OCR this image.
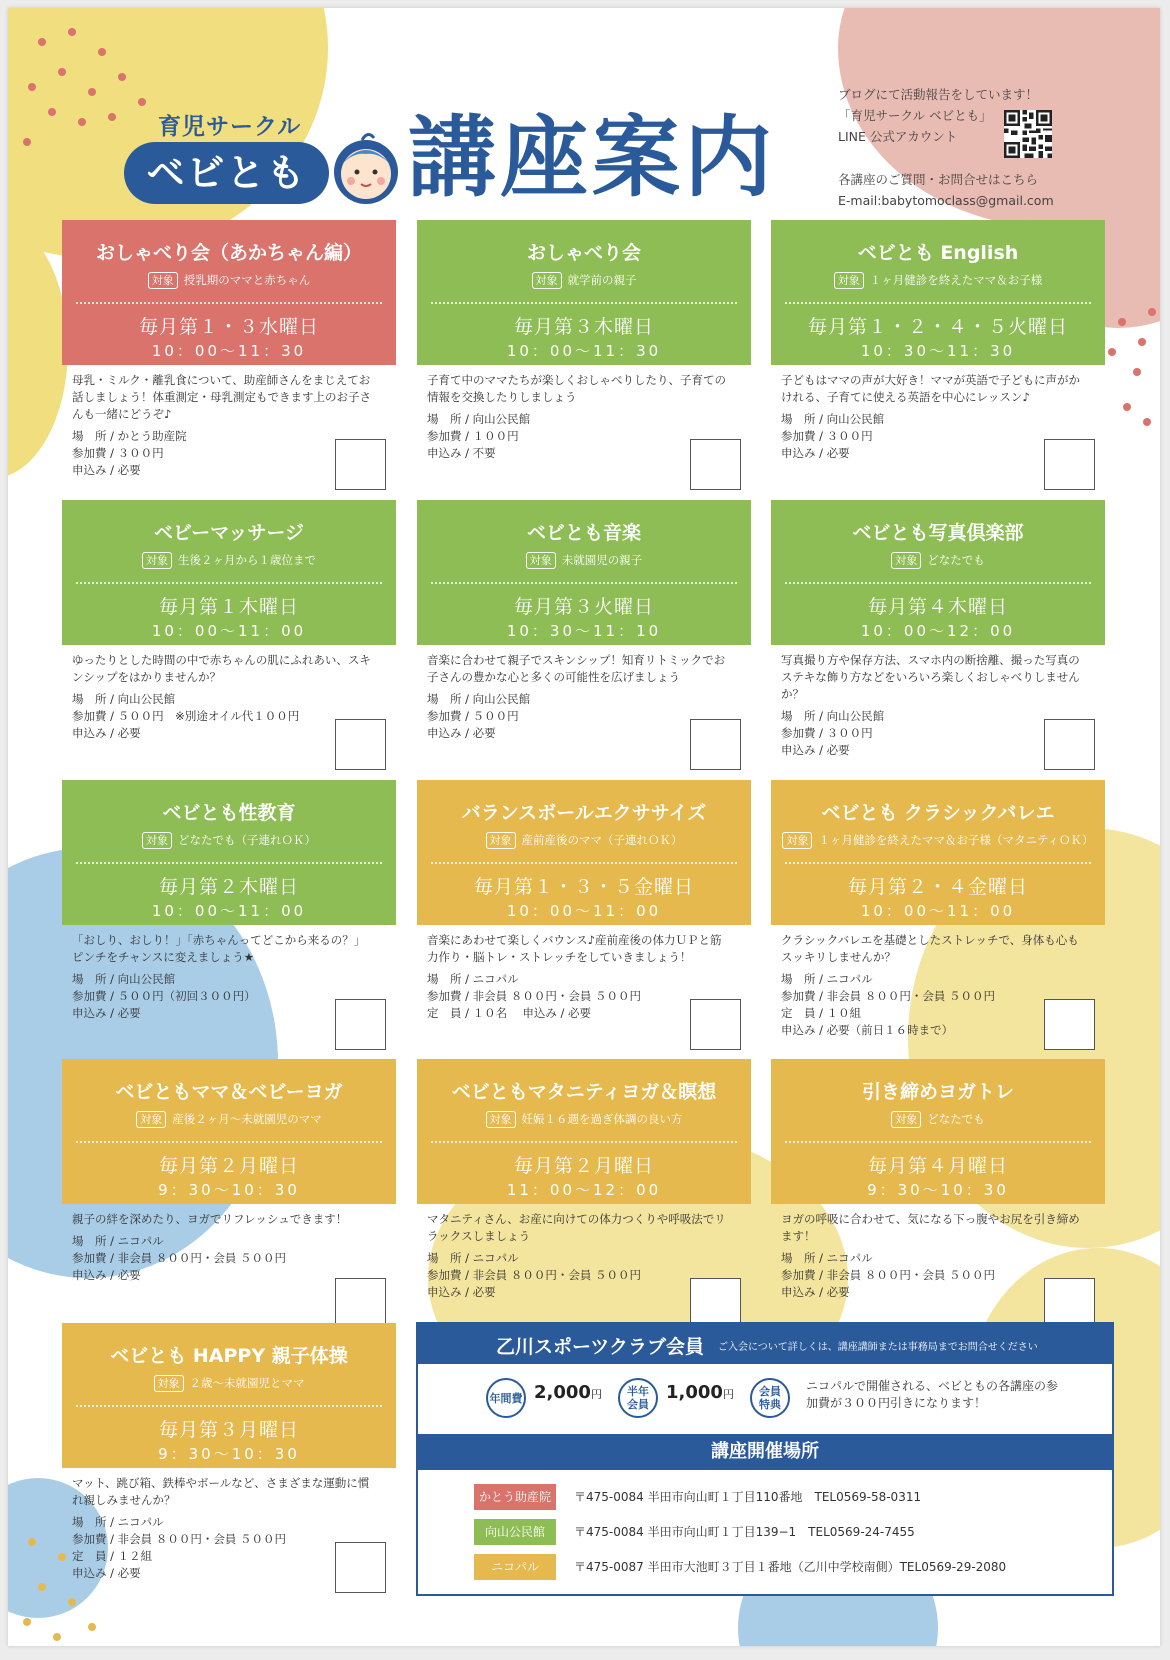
育児サークル
ベビとも 講座案内
ブログにて活動報告をしています！
「育児サークル ベビとも」
LINE 公式アカウント
各講座のご質問・お問合せはこちら
E-mail:babytomoclass@gmail.com
おしゃべり会（あかちゃん編）
対象 授乳期のママと赤ちゃん
毎月第１・３水曜日
10：00〜11：30
母乳・ミルク・離乳食について、助産師さんをまじえてお話しましょう！体重測定・母乳測定もできます上のお子さんも一緒にどうぞ♪
場　所 / かとう助産院
参加費 / ３００円
申込み / 必要
おしゃべり会
対象 就学前の親子
毎月第３木曜日
10：00〜11：30
子育て中のママたちが楽しくおしゃべりしたり、子育ての情報を交換したりしましょう
場　所 / 向山公民館
参加費 / １００円
申込み / 不要
ベビとも English
対象 １ヶ月健診を終えたママ＆お子様
毎月第１・２・４・５火曜日
10：30〜11：30
子どもはママの声が大好き！ママが英語で子どもに声がかけれる、子育てに使える英語を中心にレッスン♪
場　所 / 向山公民館
参加費 / ３００円
申込み / 必要
ベビーマッサージ
対象 生後２ヶ月から１歳位まで
毎月第１木曜日
10：00〜11：00
ゆったりとした時間の中で赤ちゃんの肌にふれあい、スキンシップをはかりませんか？
場　所 / 向山公民館
参加費 / ５００円　※別途オイル代１００円
申込み / 必要
ベビとも音楽
対象 未就園児の親子
毎月第３火曜日
10：30〜11：10
音楽に合わせて親子でスキンシップ！知育リトミックでお子さんの豊かな心と多くの可能性を広げましょう
場　所 / 向山公民館
参加費 / ５００円
申込み / 必要
ベビとも写真倶楽部
対象 どなたでも
毎月第４木曜日
10：00〜12：00
写真撮り方や保存方法、スマホ内の断捨離、撮った写真のステキな飾り方などをいろいろ楽しくおしゃべりしませんか？
場　所 / 向山公民館
参加費 / ３００円
申込み / 必要
ベビとも性教育
対象 どなたでも（子連れＯＫ）
毎月第２木曜日
10：00〜11：00
「おしり、おしり！」「赤ちゃんってどこから来るの？」ピンチをチャンスに変えましょう★
場　所 / 向山公民館
参加費 / ５００円（初回３００円）
申込み / 必要
バランスボールエクササイズ
対象 産前産後のママ（子連れＯＫ）
毎月第１・３・５金曜日
10：00〜11：00
音楽にあわせて楽しくバウンス♪産前産後の体力ＵＰと筋力作り・脳トレ・ストレッチをしていきましょう！
場　所 / ニコパル
参加費 / 非会員 ８００円・会員 ５００円
定　員 / １０名　 申込み / 必要
ベビとも クラシックバレエ
対象 １ヶ月健診を終えたママ＆お子様（マタニティＯＫ）
毎月第２・４金曜日
10：00〜11：00
クラシックバレエを基礎としたストレッチで、身体も心もスッキリしませんか？
場　所 / ニコパル
参加費 / 非会員 ８００円・会員 ５００円
定　員 / １０組
申込み / 必要（前日１６時まで）
ベビともママ＆ベビーヨガ
対象 産後２ヶ月〜未就園児のママ
毎月第２月曜日
9：30〜10：30
親子の絆を深めたり、ヨガでリフレッシュできます！
場　所 / ニコパル
参加費 / 非会員 ８００円・会員 ５００円
申込み / 必要
ベビともマタニティヨガ＆瞑想
対象 妊娠１６週を過ぎ体調の良い方
毎月第２月曜日
11：00〜12：00
マタニティさん、お産に向けての体力つくりや呼吸法でリラックスしましょう
場　所 / ニコパル
参加費 / 非会員 ８００円・会員 ５００円
申込み / 必要
引き締めヨガトレ
対象 どなたでも
毎月第４月曜日
9：30〜10：30
ヨガの呼吸に合わせて、気になる下っ腹やお尻を引き締めます！
場　所 / ニコパル
参加費 / 非会員 ８００円・会員 ５００円
申込み / 必要
ベビとも HAPPY 親子体操
対象 ２歳〜未就園児とママ
毎月第３月曜日
9：30〜10：30
マット、跳び箱、鉄棒やボールなど、さまざまな運動に慣れ親しみませんか？
場　所 / ニコパル
参加費 / 非会員 ８００円・会員 ５００円
定　員 / １２組
申込み / 必要
乙川スポーツクラブ会員 ご入会について詳しくは、講座講師または事務局までお問合せください
年間費 2,000円	半年会員
1,000円	会員特典
ニコパルで開催される、ベビともの各講座の参加費が３００円引きになります！
講座開催場所
かとう助産院	〒475-0084 半田市向山町１丁目110番地　TEL0569-58-0311
向山公民館	〒475-0084 半田市向山町１丁目139−1　TEL0569-24-7455
ニコパル	〒475-0087 半田市大池町３丁目１番地（乙川中学校南側）TEL0569-29-2080
